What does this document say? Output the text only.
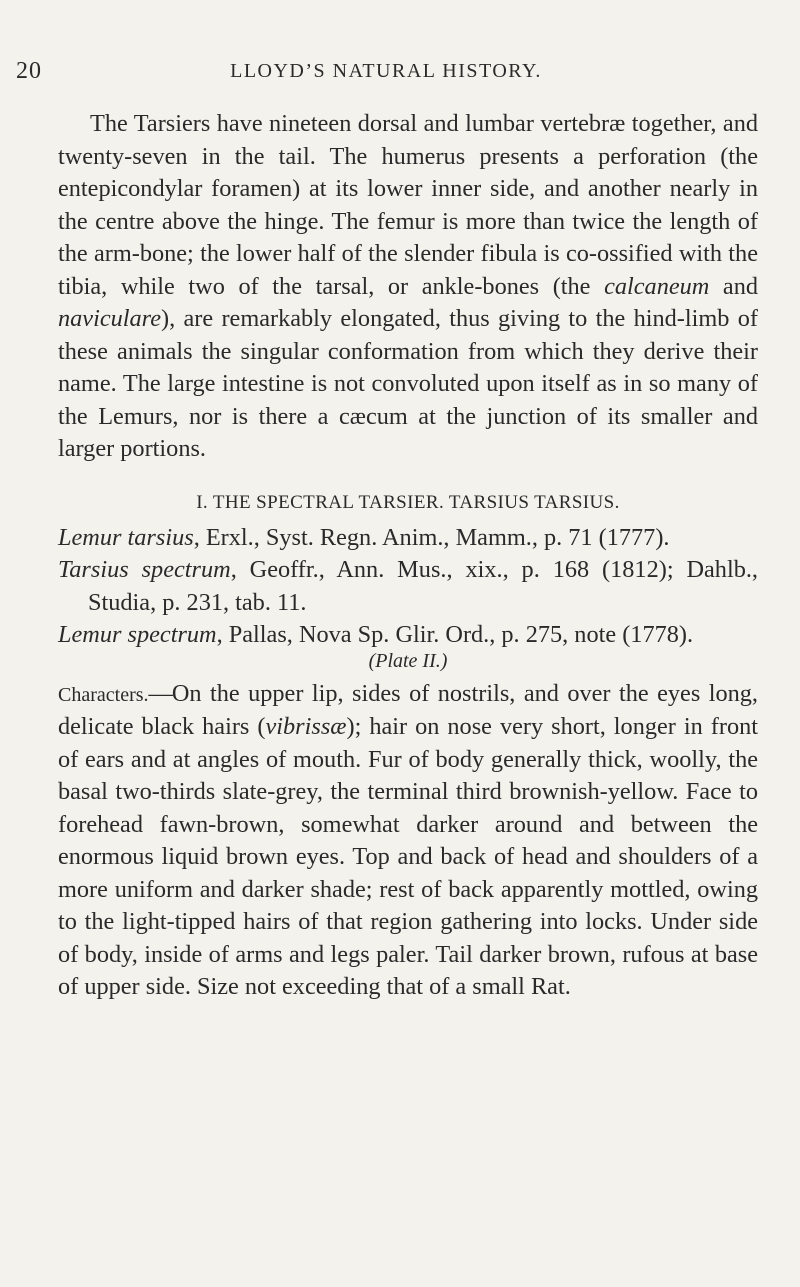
20	LLOYD’S NATURAL HISTORY.

The Tarsiers have nineteen dorsal and lumbar vertebræ together, and twenty-seven in the tail. The humerus presents a perforation (the entepicondylar foramen) at its lower inner side, and another nearly in the centre above the hinge. The femur is more than twice the length of the arm-bone; the lower half of the slender fibula is co-ossified with the tibia, while two of the tarsal, or ankle-bones (the calcaneum and naviculare), are remarkably elongated, thus giving to the hind-limb of these animals the singular conformation from which they derive their name. The large intestine is not convoluted upon itself as in so many of the Lemurs, nor is there a cæcum at the junction of its smaller and larger portions.

I. THE SPECTRAL TARSIER. TARSIUS TARSIUS.

Lemur tarsius, Erxl., Syst. Regn. Anim., Mamm., p. 71 (1777).

Tarsius spectrum, Geoffr., Ann. Mus., xix., p. 168 (1812); Dahlb., Studia, p. 231, tab. 11.

Lemur spectrum, Pallas, Nova Sp. Glir. Ord., p. 275, note (1778).

(Plate II.)

Characters.—On the upper lip, sides of nostrils, and over the eyes long, delicate black hairs (vibrissæ); hair on nose very short, longer in front of ears and at angles of mouth. Fur of body generally thick, woolly, the basal two-thirds slate-grey, the terminal third brownish-yellow. Face to forehead fawn-brown, somewhat darker around and between the enormous liquid brown eyes. Top and back of head and shoulders of a more uniform and darker shade; rest of back apparently mottled, owing to the light-tipped hairs of that region gathering into locks. Under side of body, inside of arms and legs paler. Tail darker brown, rufous at base of upper side. Size not exceeding that of a small Rat.
